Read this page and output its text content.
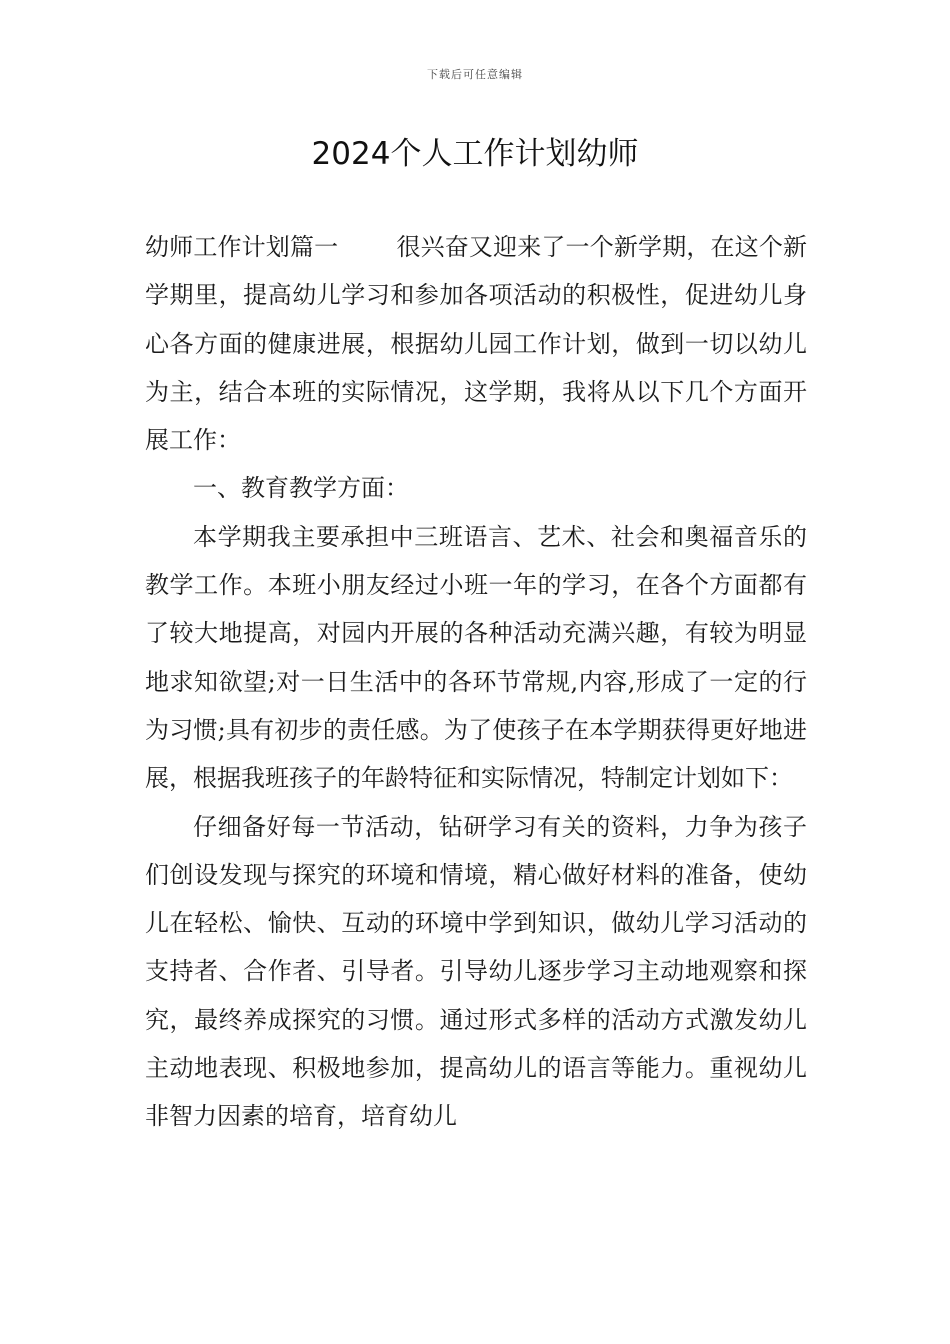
下载后可任意编辑
2024个人工作计划幼师

幼师工作计划篇一 很兴奋又迎来了一个新学期，在这个新学期里，提高幼儿学习和参加各项活动的积极性，促进幼儿身心各方面的健康进展，根据幼儿园工作计划，做到一切以幼儿为主，结合本班的实际情况，这学期，我将从以下几个方面开展工作：

一、教育教学方面：

本学期我主要承担中三班语言、艺术、社会和奥福音乐的教学工作。本班小朋友经过小班一年的学习，在各个方面都有了较大地提高，对园内开展的各种活动充满兴趣，有较为明显地求知欲望;对一日生活中的各环节常规,内容,形成了一定的行为习惯;具有初步的责任感。为了使孩子在本学期获得更好地进展，根据我班孩子的年龄特征和实际情况，特制定计划如下：

仔细备好每一节活动，钻研学习有关的资料，力争为孩子们创设发现与探究的环境和情境，精心做好材料的准备，使幼儿在轻松、愉快、互动的环境中学到知识，做幼儿学习活动的支持者、合作者、引导者。引导幼儿逐步学习主动地观察和探究，最终养成探究的习惯。通过形式多样的活动方式激发幼儿主动地表现、积极地参加，提高幼儿的语言等能力。重视幼儿非智力因素的培育，培育幼儿
